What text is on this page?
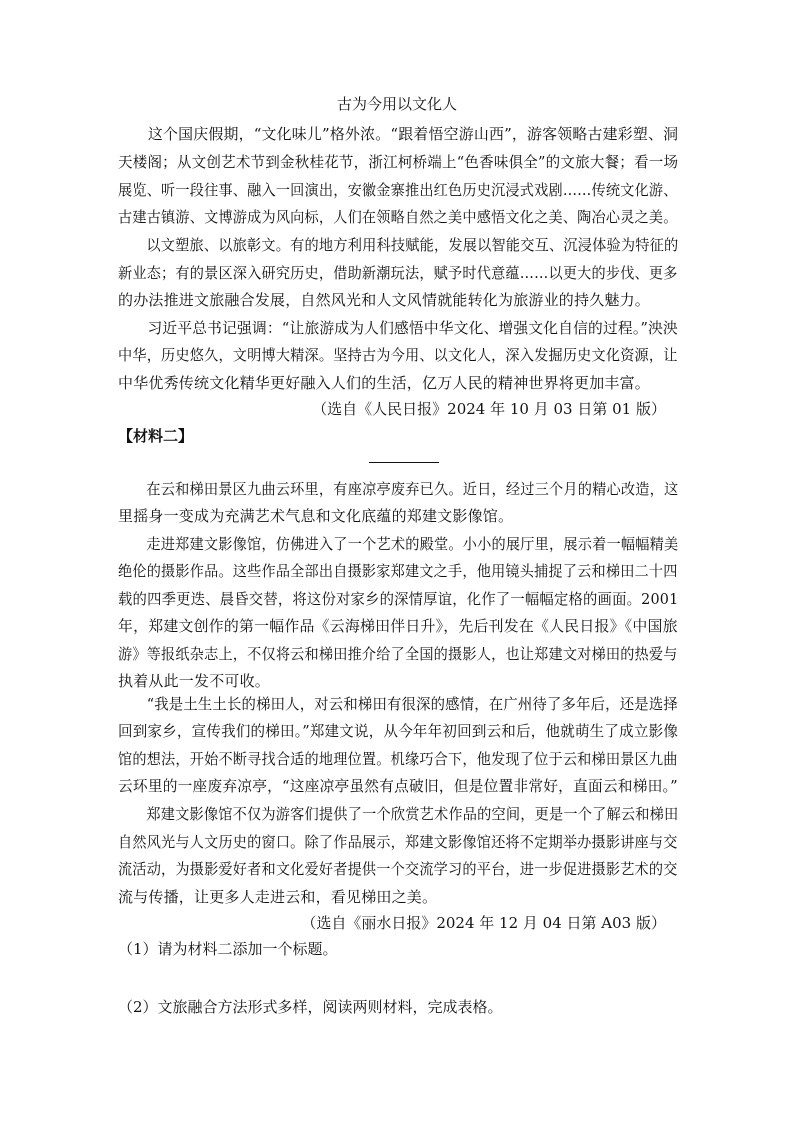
古为今用以文化人
这个国庆假期，“文化味儿”格外浓。“跟着悟空游山西”，游客领略古建彩塑、洞
天楼阁；从文创艺术节到金秋桂花节，浙江柯桥端上“色香味俱全”的文旅大餐；看一场
展览、听一段往事、融入一回演出，安徽金寨推出红色历史沉浸式戏剧……传统文化游、
古建古镇游、文博游成为风向标，人们在领略自然之美中感悟文化之美、陶冶心灵之美。
以文塑旅、以旅彰文。有的地方利用科技赋能，发展以智能交互、沉浸体验为特征的
新业态；有的景区深入研究历史，借助新潮玩法，赋予时代意蕴……以更大的步伐、更多
的办法推进文旅融合发展，自然风光和人文风情就能转化为旅游业的持久魅力。
习近平总书记强调：“让旅游成为人们感悟中华文化、增强文化自信的过程。”泱泱
中华，历史悠久，文明博大精深。坚持古为今用、以文化人，深入发掘历史文化资源，让
中华优秀传统文化精华更好融入人们的生活，亿万人民的精神世界将更加丰富。
（选自《人民日报》2024 年 10 月 03 日第 01 版）
【材料二】
在云和梯田景区九曲云环里，有座凉亭废弃已久。近日，经过三个月的精心改造，这
里摇身一变成为充满艺术气息和文化底蕴的郑建文影像馆。
走进郑建文影像馆，仿佛进入了一个艺术的殿堂。小小的展厅里，展示着一幅幅精美
绝伦的摄影作品。这些作品全部出自摄影家郑建文之手，他用镜头捕捉了云和梯田二十四
载的四季更迭、晨昏交替，将这份对家乡的深情厚谊，化作了一幅幅定格的画面。2001
年，郑建文创作的第一幅作品《云海梯田伴日升》，先后刊发在《人民日报》《中国旅
游》等报纸杂志上，不仅将云和梯田推介给了全国的摄影人，也让郑建文对梯田的热爱与
执着从此一发不可收。
“我是土生土长的梯田人，对云和梯田有很深的感情，在广州待了多年后，还是选择
回到家乡，宣传我们的梯田。”郑建文说，从今年年初回到云和后，他就萌生了成立影像
馆的想法，开始不断寻找合适的地理位置。机缘巧合下，他发现了位于云和梯田景区九曲
云环里的一座废弃凉亭，“这座凉亭虽然有点破旧，但是位置非常好，直面云和梯田。”
郑建文影像馆不仅为游客们提供了一个欣赏艺术作品的空间，更是一个了解云和梯田
自然风光与人文历史的窗口。除了作品展示，郑建文影像馆还将不定期举办摄影讲座与交
流活动，为摄影爱好者和文化爱好者提供一个交流学习的平台，进一步促进摄影艺术的交
流与传播，让更多人走进云和，看见梯田之美。
（选自《丽水日报》2024 年 12 月 04 日第 A03 版）
（1）请为材料二添加一个标题。
（2）文旅融合方法形式多样，阅读两则材料，完成表格。
